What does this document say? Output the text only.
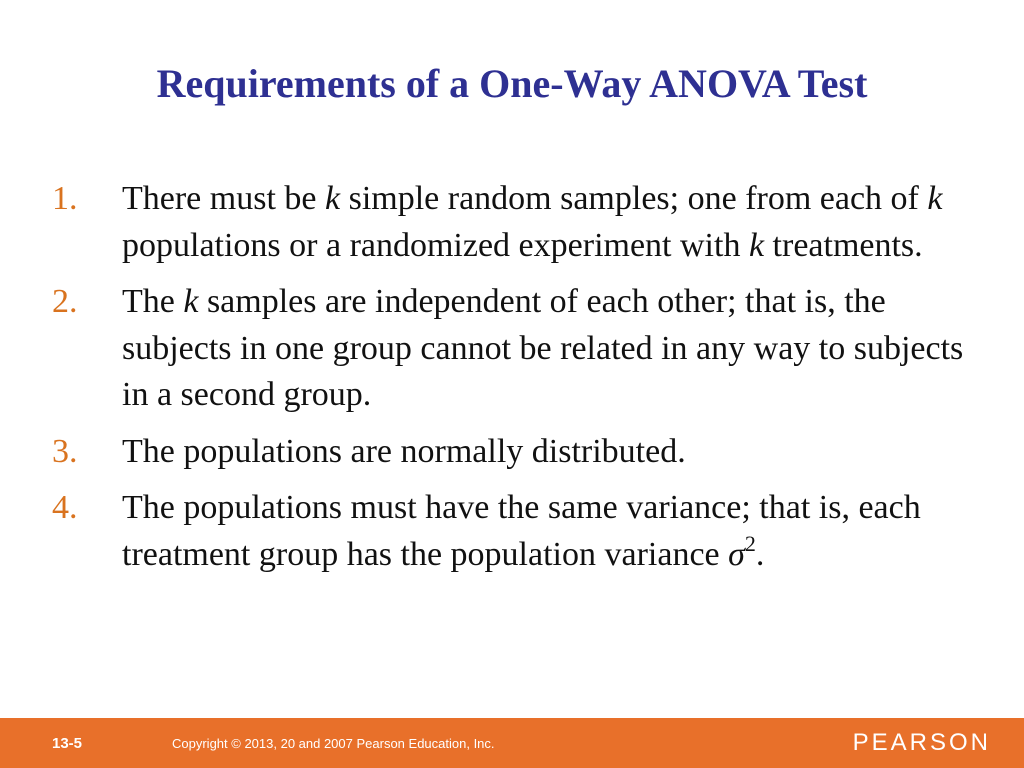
Requirements of a One-Way ANOVA Test
1. There must be k simple random samples; one from each of k populations or a randomized experiment with k treatments.
2. The k samples are independent of each other; that is, the subjects in one group cannot be related in any way to subjects in a second group.
3. The populations are normally distributed.
4. The populations must have the same variance; that is, each treatment group has the population variance $\sigma^2$.
13-5	Copyright © 2013, 20 and 2007 Pearson Education, Inc.	PEARSON
